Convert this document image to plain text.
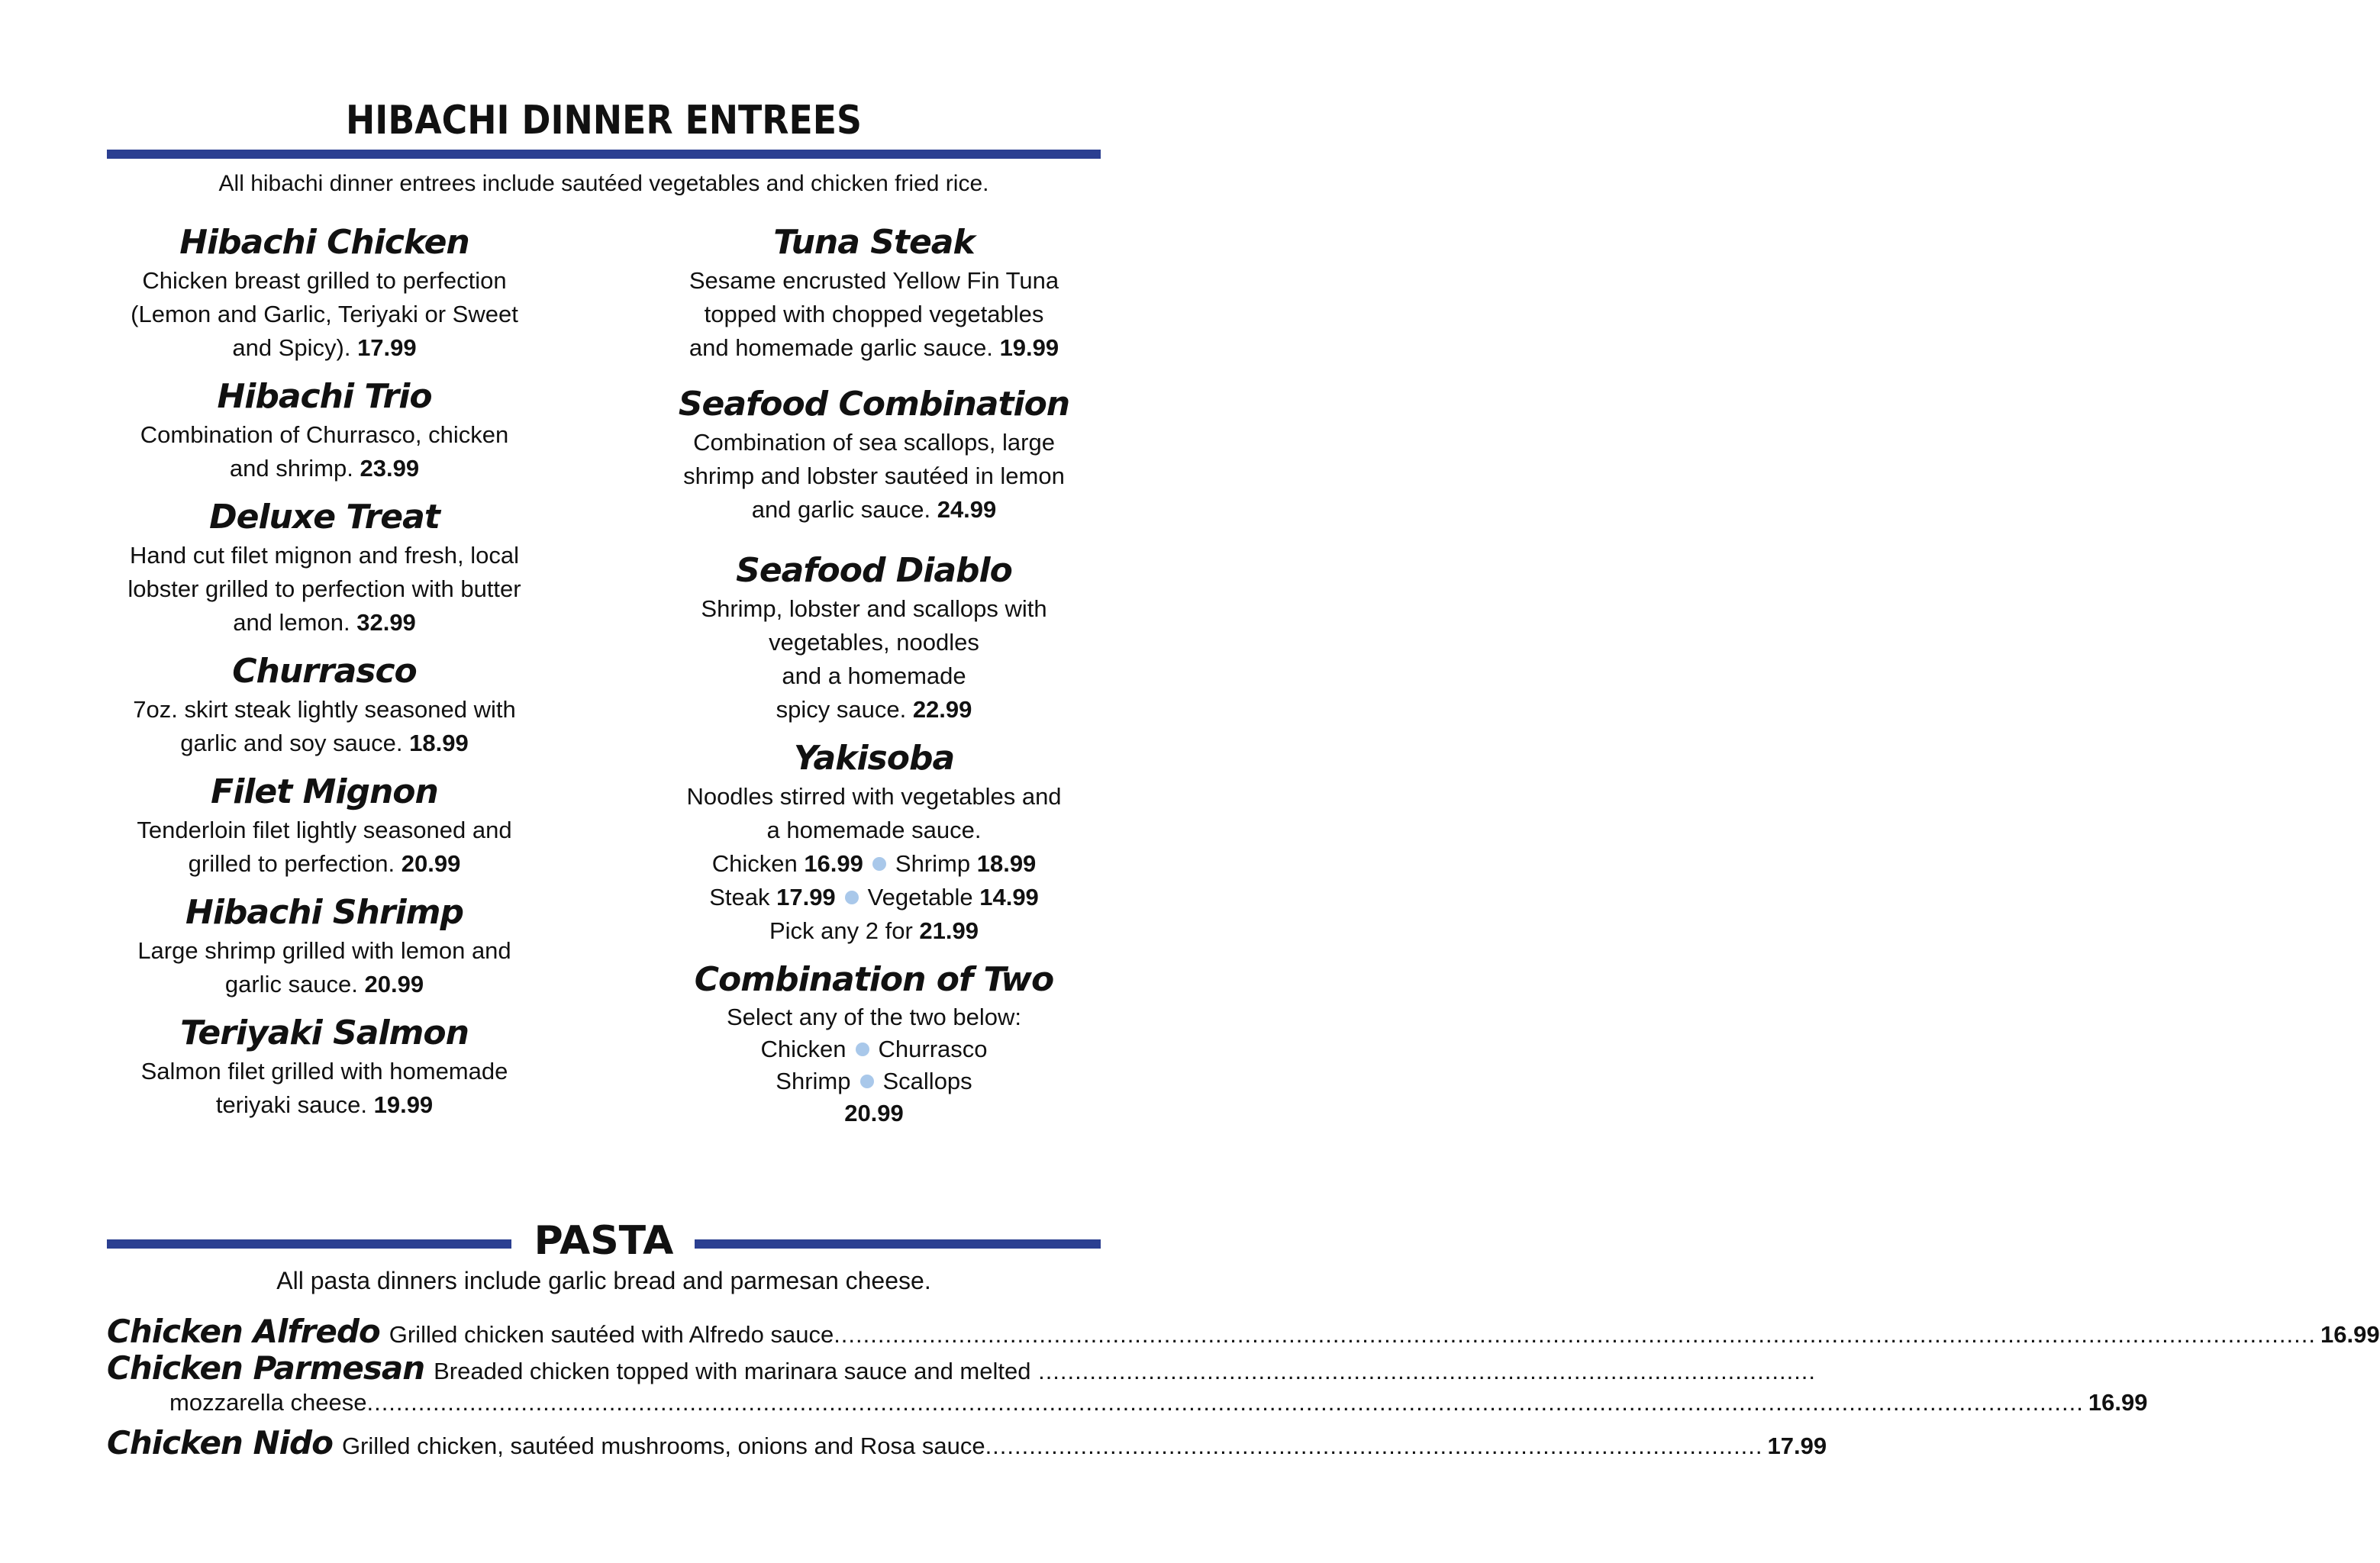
HIBACHI DINNER ENTREES
All hibachi dinner entrees include sautéed vegetables and chicken fried rice.
Hibachi Chicken
Chicken breast grilled to perfection
(Lemon and Garlic, Teriyaki or Sweet
and Spicy). 17.99
Hibachi Trio
Combination of Churrasco, chicken
and shrimp. 23.99
Deluxe Treat
Hand cut filet mignon and fresh, local
lobster grilled to perfection with butter
and lemon. 32.99
Churrasco
7oz. skirt steak lightly seasoned with
garlic and soy sauce. 18.99
Filet Mignon
Tenderloin filet lightly seasoned and
grilled to perfection. 20.99
Hibachi Shrimp
Large shrimp grilled with lemon and
garlic sauce. 20.99
Teriyaki Salmon
Salmon filet grilled with homemade
teriyaki sauce. 19.99
Tuna Steak
Sesame encrusted Yellow Fin Tuna
topped with chopped vegetables
and homemade garlic sauce. 19.99
Seafood Combination
Combination of sea scallops, large
shrimp and lobster sautéed in lemon
and garlic sauce. 24.99
Seafood Diablo
Shrimp, lobster and scallops with
vegetables, noodles
and a homemade
spicy sauce. 22.99
Yakisoba
Noodles stirred with vegetables and
a homemade sauce.
Chicken 16.99 Shrimp 18.99
Steak 17.99 Vegetable 14.99
Pick any 2 for 21.99
Combination of Two
Select any of the two below:
Chicken Churrasco
Shrimp Scallops
20.99
PASTA
All pasta dinners include garlic bread and parmesan cheese.
Chicken Alfredo Grilled chicken sautéed with Alfredo sauce .......................................................................................................................................................................................................... 16.99
Chicken Parmesan Breaded chicken topped with marinara sauce and melted ..........................................................................................................
mozzarella cheese .......................................................................................................................................................................................................................................... 16.99
Chicken Nido Grilled chicken, sautéed mushrooms, onions and Rosa sauce .......................................................................................................... 17.99
